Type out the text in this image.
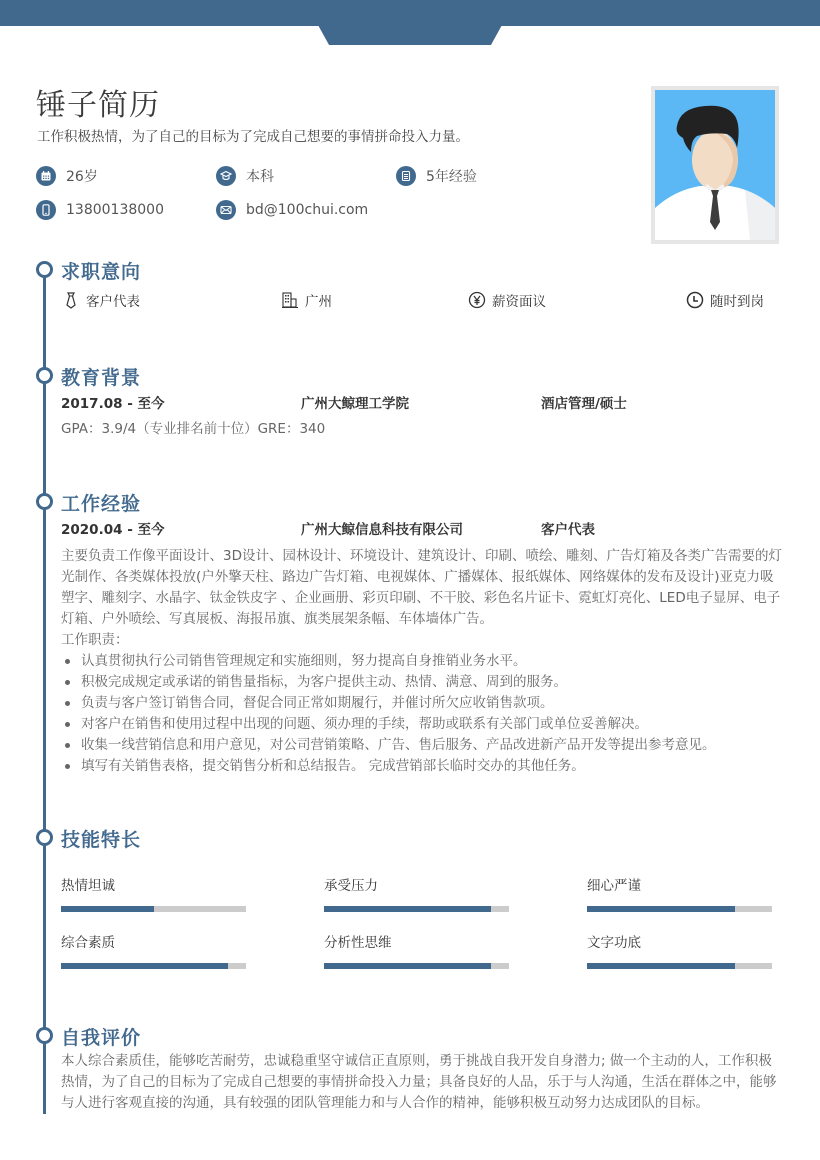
锤子简历
工作积极热情，为了自己的目标为了完成自己想要的事情拼命投入力量。
26岁	本科	5年经验
13800138000	bd@100chui.com
求职意向
客户代表	广州	薪资面议	随时到岗
教育背景
2017.08 - 至今	广州大鲸理工学院	酒店管理/硕士
GPA：3.9/4（专业排名前十位）GRE：340
工作经验
2020.04 - 至今	广州大鲸信息科技有限公司	客户代表
主要负责工作像平面设计、3D设计、园林设计、环境设计、建筑设计、印刷、喷绘、雕刻、广告灯箱及各类广告需要的灯光制作、各类媒体投放(户外擎天柱、路边广告灯箱、电视媒体、广播媒体、报纸媒体、网络媒体的发布及设计)亚克力吸塑字、雕刻字、水晶字、钛金铁皮字 、企业画册、彩页印刷、不干胶、彩色名片证卡、霓虹灯亮化、LED电子显屏、电子灯箱、户外喷绘、写真展板、海报吊旗、旗类展架条幅、车体墙体广告。
工作职责：
认真贯彻执行公司销售管理规定和实施细则，努力提高自身推销业务水平。
积极完成规定或承诺的销售量指标，为客户提供主动、热情、满意、周到的服务。
负责与客户签订销售合同，督促合同正常如期履行，并催讨所欠应收销售款项。
对客户在销售和使用过程中出现的问题、须办理的手续，帮助或联系有关部门或单位妥善解决。
收集一线营销信息和用户意见，对公司营销策略、广告、售后服务、产品改进新产品开发等提出参考意见。
填写有关销售表格，提交销售分析和总结报告。 完成营销部长临时交办的其他任务。
技能特长
热情坦诚	承受压力	细心严谨
综合素质	分析性思维	文字功底
自我评价
本人综合素质佳，能够吃苦耐劳，忠诚稳重坚守诚信正直原则，勇于挑战自我开发自身潜力; 做一个主动的人，工作积极热情，为了自己的目标为了完成自己想要的事情拼命投入力量；具备良好的人品，乐于与人沟通，生活在群体之中，能够与人进行客观直接的沟通，具有较强的团队管理能力和与人合作的精神，能够积极互动努力达成团队的目标。
